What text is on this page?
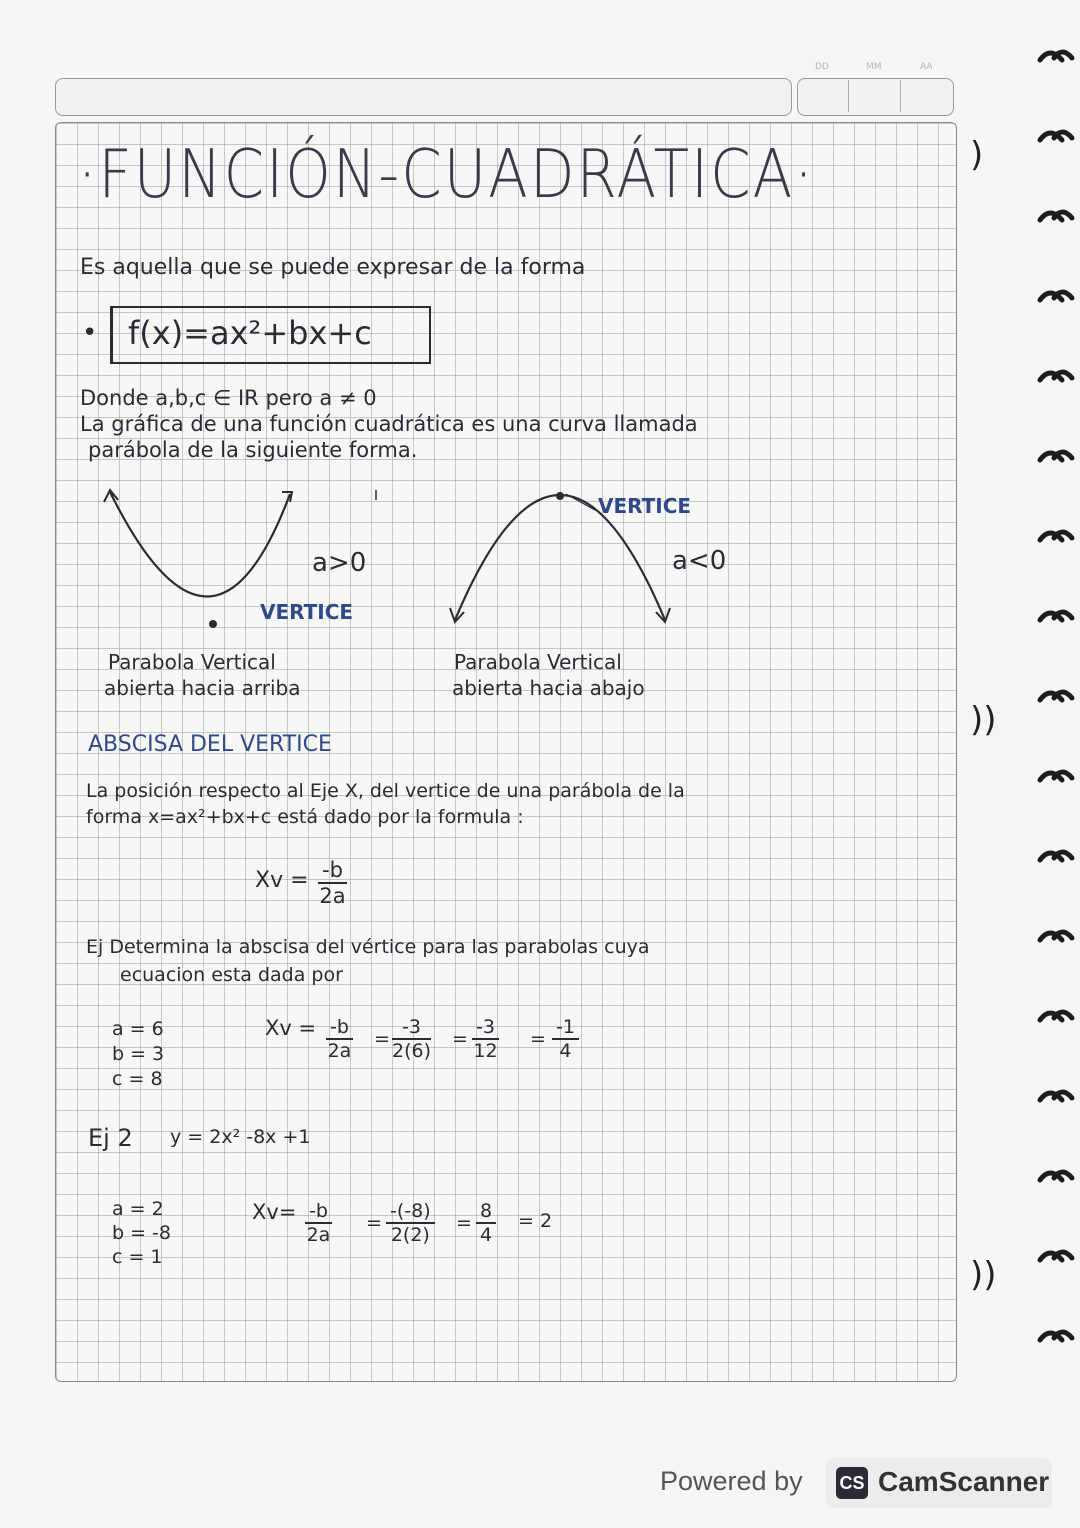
DD	MM	AA
·FUNCIÓN-CUADRÁTICA·
Es aquella que se puede expresar de la forma
• f(x)=ax²+bx+c
Donde a,b,c ∈ IR pero a ≠ 0
La gráfica de una función cuadrática es una curva llamada
parábola de la siguiente forma.
a>0
VERTICE
VERTICE
a<0
Parabola Vertical
abierta hacia arriba
Parabola Vertical
abierta hacia abajo
ABSCISA DEL VERTICE
La posición respecto al Eje X, del vertice de una parábola de la
forma x=ax²+bx+c está dado por la formula :
$Xv = \frac{-b}{2a}$
Ej Determina la abscisa del vértice para las parabolas cuya
ecuacion esta dada por
a = 6
b = 3
c = 8
$Xv = \frac{-b}{2a} = \frac{-3}{2(6)} = \frac{-3}{12} = \frac{-1}{4}$
Ej 2 y = 2x² -8x +1
a = 2
b = -8
c = 1
$Xv= \frac{-b}{2a} = \frac{-(-8)}{2(2)} = \frac{8}{4} = 2$
)
))
))
Powered by CS CamScanner
